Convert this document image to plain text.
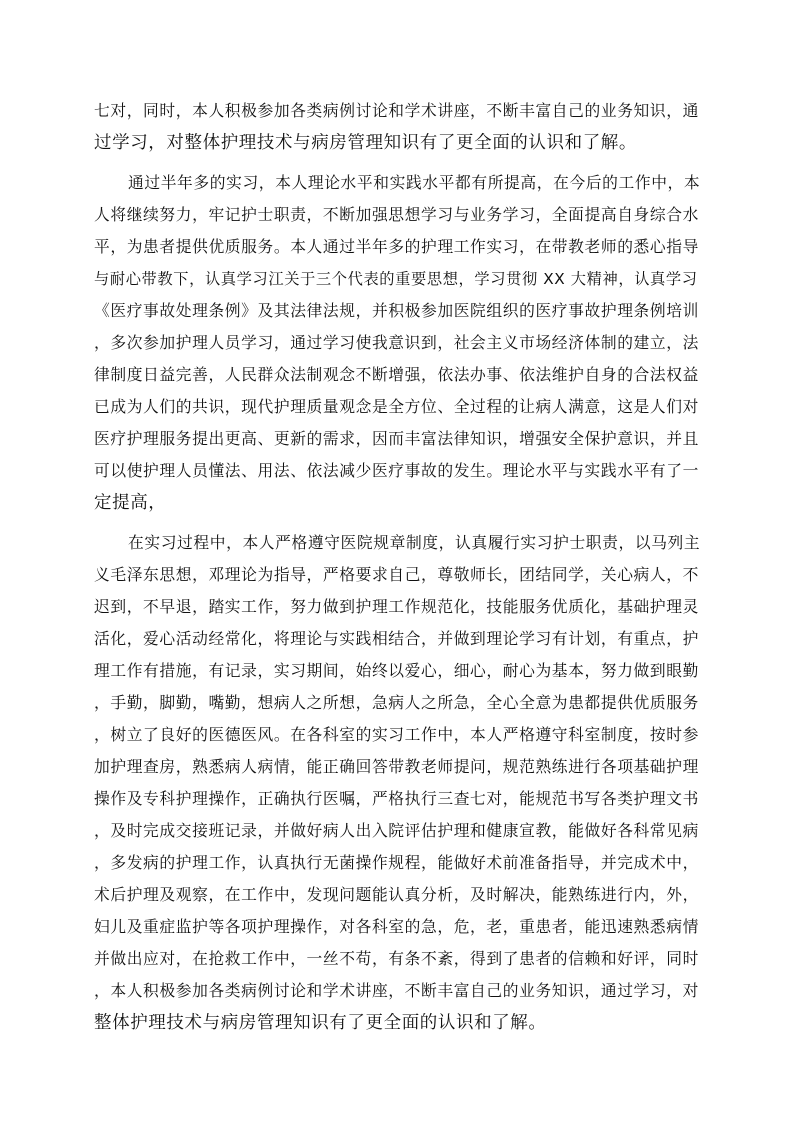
七对，同时，本人积极参加各类病例讨论和学术讲座，不断丰富自己的业务知识，通
过学习，对整体护理技术与病房管理知识有了更全面的认识和了解。
通过半年多的实习，本人理论水平和实践水平都有所提高，在今后的工作中，本
人将继续努力，牢记护士职责，不断加强思想学习与业务学习，全面提高自身综合水
平，为患者提供优质服务。本人通过半年多的护理工作实习，在带教老师的悉心指导
与耐心带教下，认真学习江关于三个代表的重要思想，学习贯彻 XX 大精神，认真学习
《医疗事故处理条例》及其法律法规，并积极参加医院组织的医疗事故护理条例培训
，多次参加护理人员学习，通过学习使我意识到，社会主义市场经济体制的建立，法
律制度日益完善，人民群众法制观念不断增强，依法办事、依法维护自身的合法权益
已成为人们的共识，现代护理质量观念是全方位、全过程的让病人满意，这是人们对
医疗护理服务提出更高、更新的需求，因而丰富法律知识，增强安全保护意识，并且
可以使护理人员懂法、用法、依法减少医疗事故的发生。理论水平与实践水平有了一
定提高，
在实习过程中，本人严格遵守医院规章制度，认真履行实习护士职责，以马列主
义毛泽东思想，邓理论为指导，严格要求自己，尊敬师长，团结同学，关心病人，不
迟到，不早退，踏实工作，努力做到护理工作规范化，技能服务优质化，基础护理灵
活化，爱心活动经常化，将理论与实践相结合，并做到理论学习有计划，有重点，护
理工作有措施，有记录，实习期间，始终以爱心，细心，耐心为基本，努力做到眼勤
，手勤，脚勤，嘴勤，想病人之所想，急病人之所急，全心全意为患都提供优质服务
，树立了良好的医德医风。在各科室的实习工作中，本人严格遵守科室制度，按时参
加护理查房，熟悉病人病情，能正确回答带教老师提问，规范熟练进行各项基础护理
操作及专科护理操作，正确执行医嘱，严格执行三查七对，能规范书写各类护理文书
，及时完成交接班记录，并做好病人出入院评估护理和健康宣教，能做好各科常见病
，多发病的护理工作，认真执行无菌操作规程，能做好术前准备指导，并完成术中，
术后护理及观察，在工作中，发现问题能认真分析，及时解决，能熟练进行内，外，
妇儿及重症监护等各项护理操作，对各科室的急，危，老，重患者，能迅速熟悉病情
并做出应对，在抢救工作中，一丝不苟，有条不紊，得到了患者的信赖和好评，同时
，本人积极参加各类病例讨论和学术讲座，不断丰富自己的业务知识，通过学习，对
整体护理技术与病房管理知识有了更全面的认识和了解。
